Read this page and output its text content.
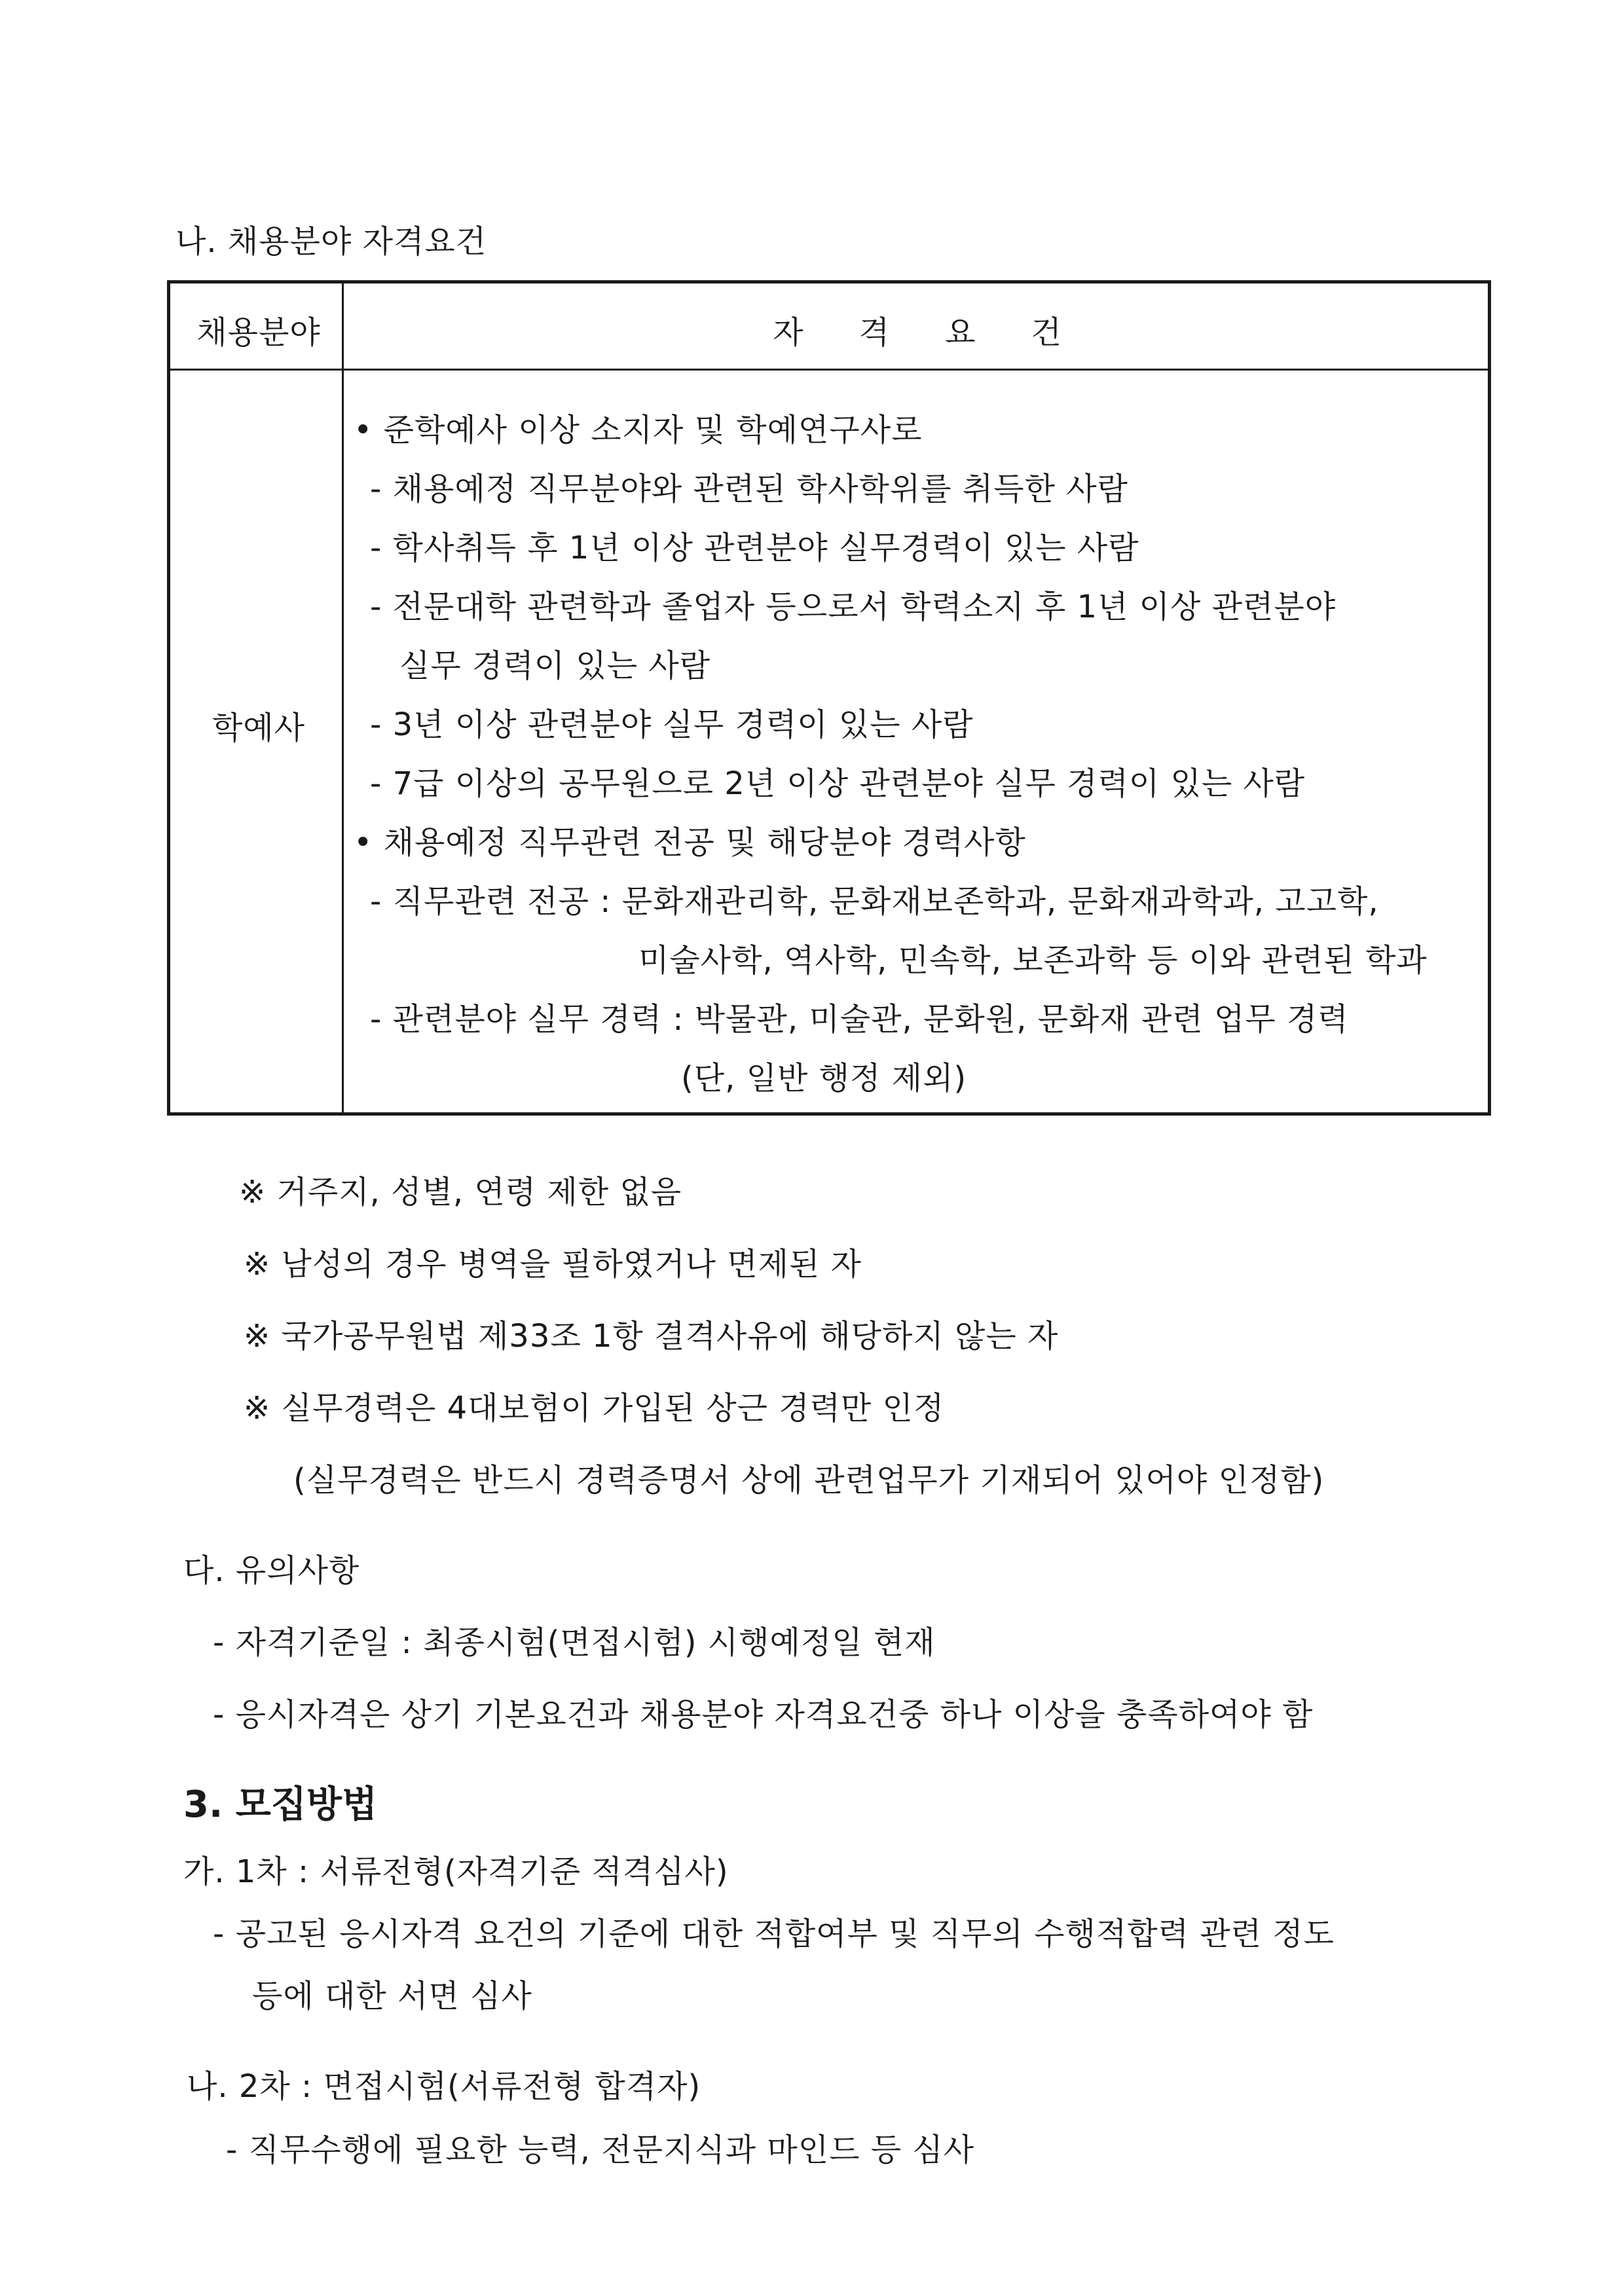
나. 채용분야 자격요건
채용분야	자 격 요 건
학예사
• 준학예사 이상 소지자 및 학예연구사로
- 채용예정 직무분야와 관련된 학사학위를 취득한 사람
- 학사취득 후 1년 이상 관련분야 실무경력이 있는 사람
- 전문대학 관련학과 졸업자 등으로서 학력소지 후 1년 이상 관련분야
실무 경력이 있는 사람
- 3년 이상 관련분야 실무 경력이 있는 사람
- 7급 이상의 공무원으로 2년 이상 관련분야 실무 경력이 있는 사람
• 채용예정 직무관련 전공 및 해당분야 경력사항
- 직무관련 전공 : 문화재관리학, 문화재보존학과, 문화재과학과, 고고학,
미술사학, 역사학, 민속학, 보존과학 등 이와 관련된 학과
- 관련분야 실무 경력 : 박물관, 미술관, 문화원, 문화재 관련 업무 경력
(단, 일반 행정 제외)
※ 거주지, 성별, 연령 제한 없음
※ 남성의 경우 병역을 필하였거나 면제된 자
※ 국가공무원법 제33조 1항 결격사유에 해당하지 않는 자
※ 실무경력은 4대보험이 가입된 상근 경력만 인정
(실무경력은 반드시 경력증명서 상에 관련업무가 기재되어 있어야 인정함)
다. 유의사항
- 자격기준일 : 최종시험(면접시험) 시행예정일 현재
- 응시자격은 상기 기본요건과 채용분야 자격요건중 하나 이상을 충족하여야 함
3. 모집방법
가. 1차 : 서류전형(자격기준 적격심사)
- 공고된 응시자격 요건의 기준에 대한 적합여부 및 직무의 수행적합력 관련 정도
등에 대한 서면 심사
나. 2차 : 면접시험(서류전형 합격자)
- 직무수행에 필요한 능력, 전문지식과 마인드 등 심사
